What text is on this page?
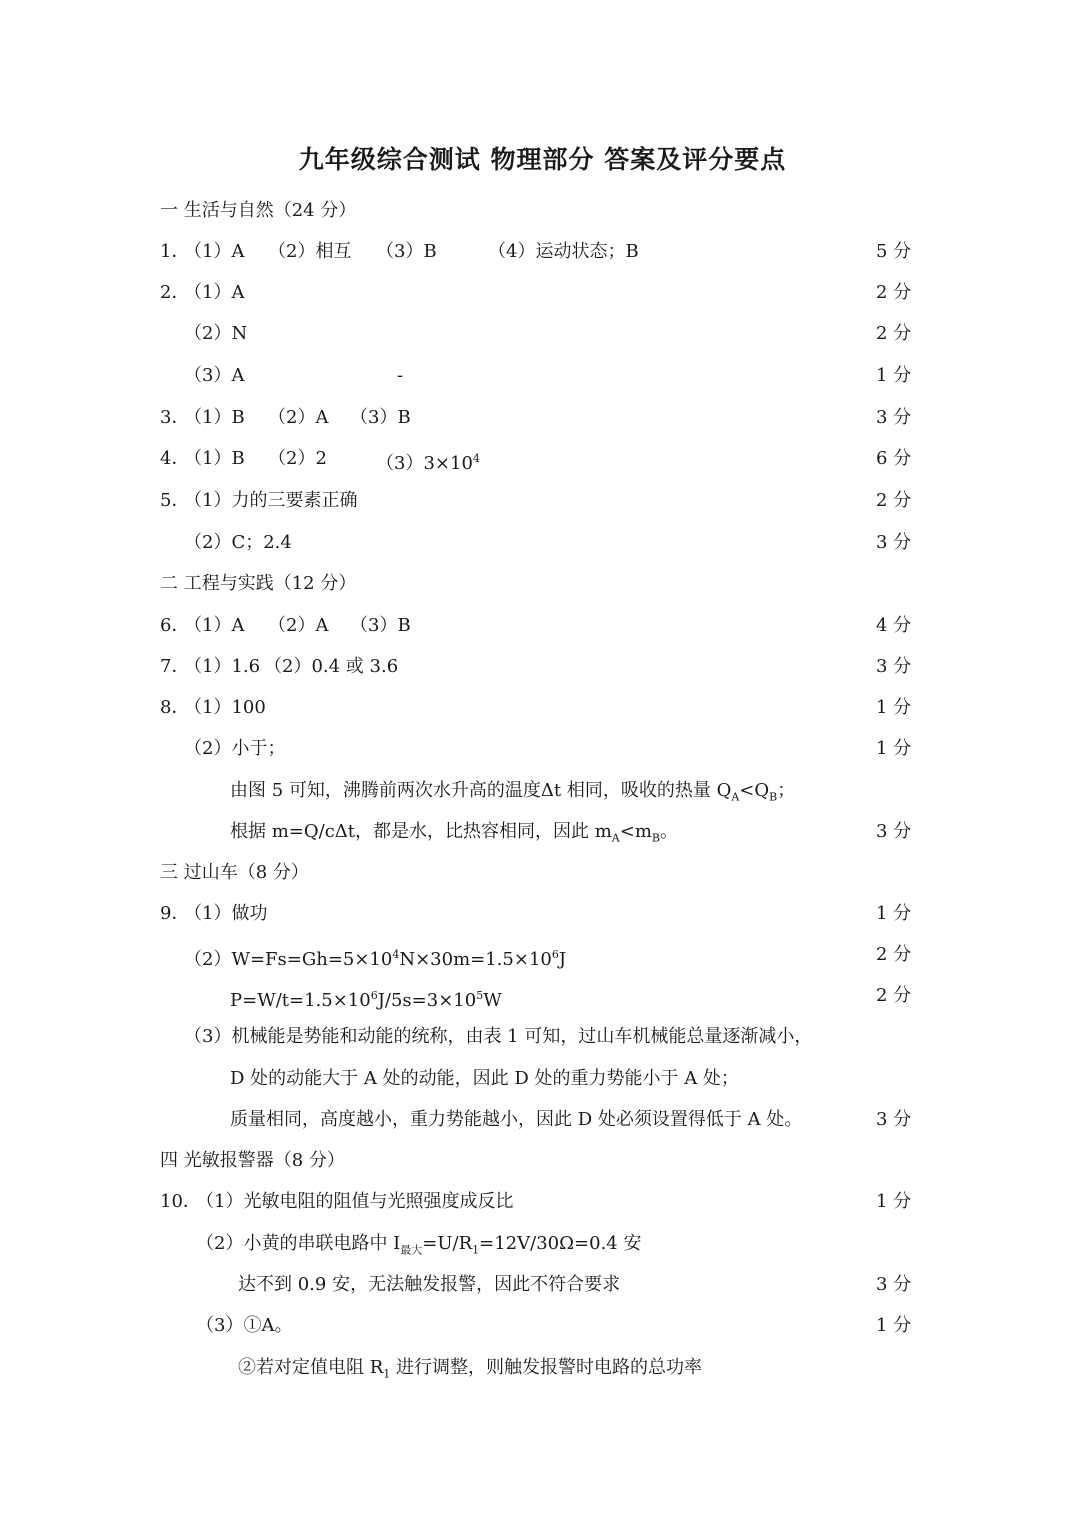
九年级综合测试 物理部分 答案及评分要点
一 生活与自然（24 分）
1．
（1）A （2）相互 （3）B	（4）运动状态；B	5 分
2．
（1）A	2 分
（2）N	2 分
（3）A	-	1 分
3．
（1）B （2）A （3）B	3 分
4．
（1）B （2）2	$(3)3\times 10^4$	6 分
5．
（1）力的三要素正确	2 分
（2）C；2.4	3 分
二 工程与实践（12 分）
6．
（1）A （2）A （3）B	4 分
7．
（1）1.6 （2）0.4 或 3.6	3 分
8．
（1）100	1 分
（2）小于；	1 分
由图 5 可知，沸腾前两次水升高的温度Δt 相同，吸收的热量 $Q_A<Q_B$；
根据 m=Q/cΔt，都是水，比热容相同，因此 $m_A<m_B$。	3 分
三 过山车（8 分）
9．
（1）做功	1 分
$(2)W=Fs=Gh=5\times 10^4N\times 30m=1.5\times 10^6J$	2 分
$P=W/t=1.5\times 10^6J/5s=3\times 10^5W$	2 分
（3）机械能是势能和动能的统称，由表 1 可知，过山车机械能总量逐渐减小，
D 处的动能大于 A 处的动能，因此 D 处的重力势能小于 A 处；
质量相同，高度越小，重力势能越小，因此 D 处必须设置得低于 A 处。	3 分
四 光敏报警器（8 分）
10．
（1）光敏电阻的阻值与光照强度成反比	1 分
（2）小黄的串联电路中 $I_{最大}=U/R_1=12V/30\Omega=0.4$ 安
达不到 0.9 安，无法触发报警，因此不符合要求	3 分
（3）①A。	1 分
②若对定值电阻 $R_1$ 进行调整，则触发报警时电路的总功率
